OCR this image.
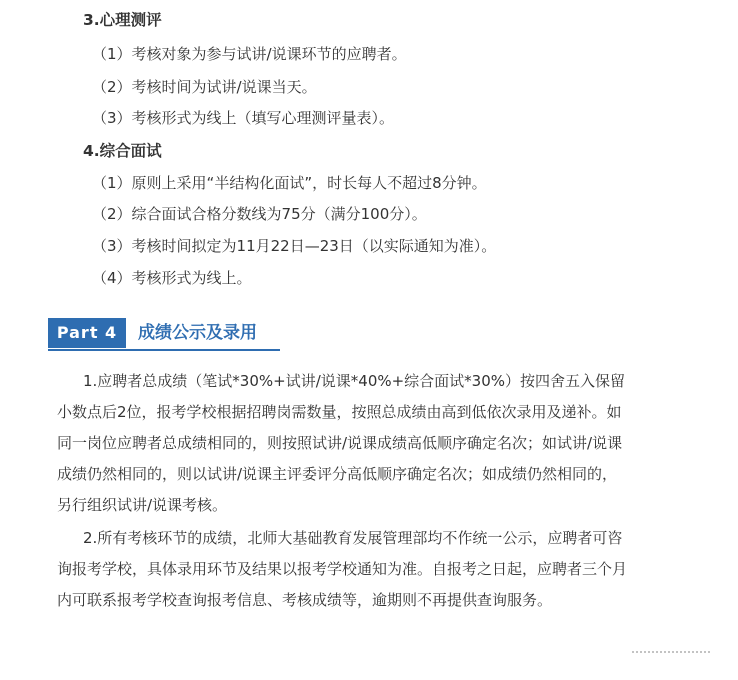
3.心理测评
（1）考核对象为参与试讲/说课环节的应聘者。
（2）考核时间为试讲/说课当天。
（3）考核形式为线上（填写心理测评量表）。
4.综合面试
（1）原则上采用“半结构化面试”，时长每人不超过8分钟。
（2）综合面试合格分数线为75分（满分100分）。
（3）考核时间拟定为11月22日—23日（以实际通知为准）。
（4）考核形式为线上。
Part 4	成绩公示及录用
1.应聘者总成绩（笔试*30%+试讲/说课*40%+综合面试*30%）按四舍五入保留
小数点后2位，报考学校根据招聘岗需数量，按照总成绩由高到低依次录用及递补。如
同一岗位应聘者总成绩相同的，则按照试讲/说课成绩高低顺序确定名次；如试讲/说课
成绩仍然相同的，则以试讲/说课主评委评分高低顺序确定名次；如成绩仍然相同的，
另行组织试讲/说课考核。
2.所有考核环节的成绩，北师大基础教育发展管理部均不作统一公示，应聘者可咨
询报考学校，具体录用环节及结果以报考学校通知为准。自报考之日起，应聘者三个月
内可联系报考学校查询报考信息、考核成绩等，逾期则不再提供查询服务。
